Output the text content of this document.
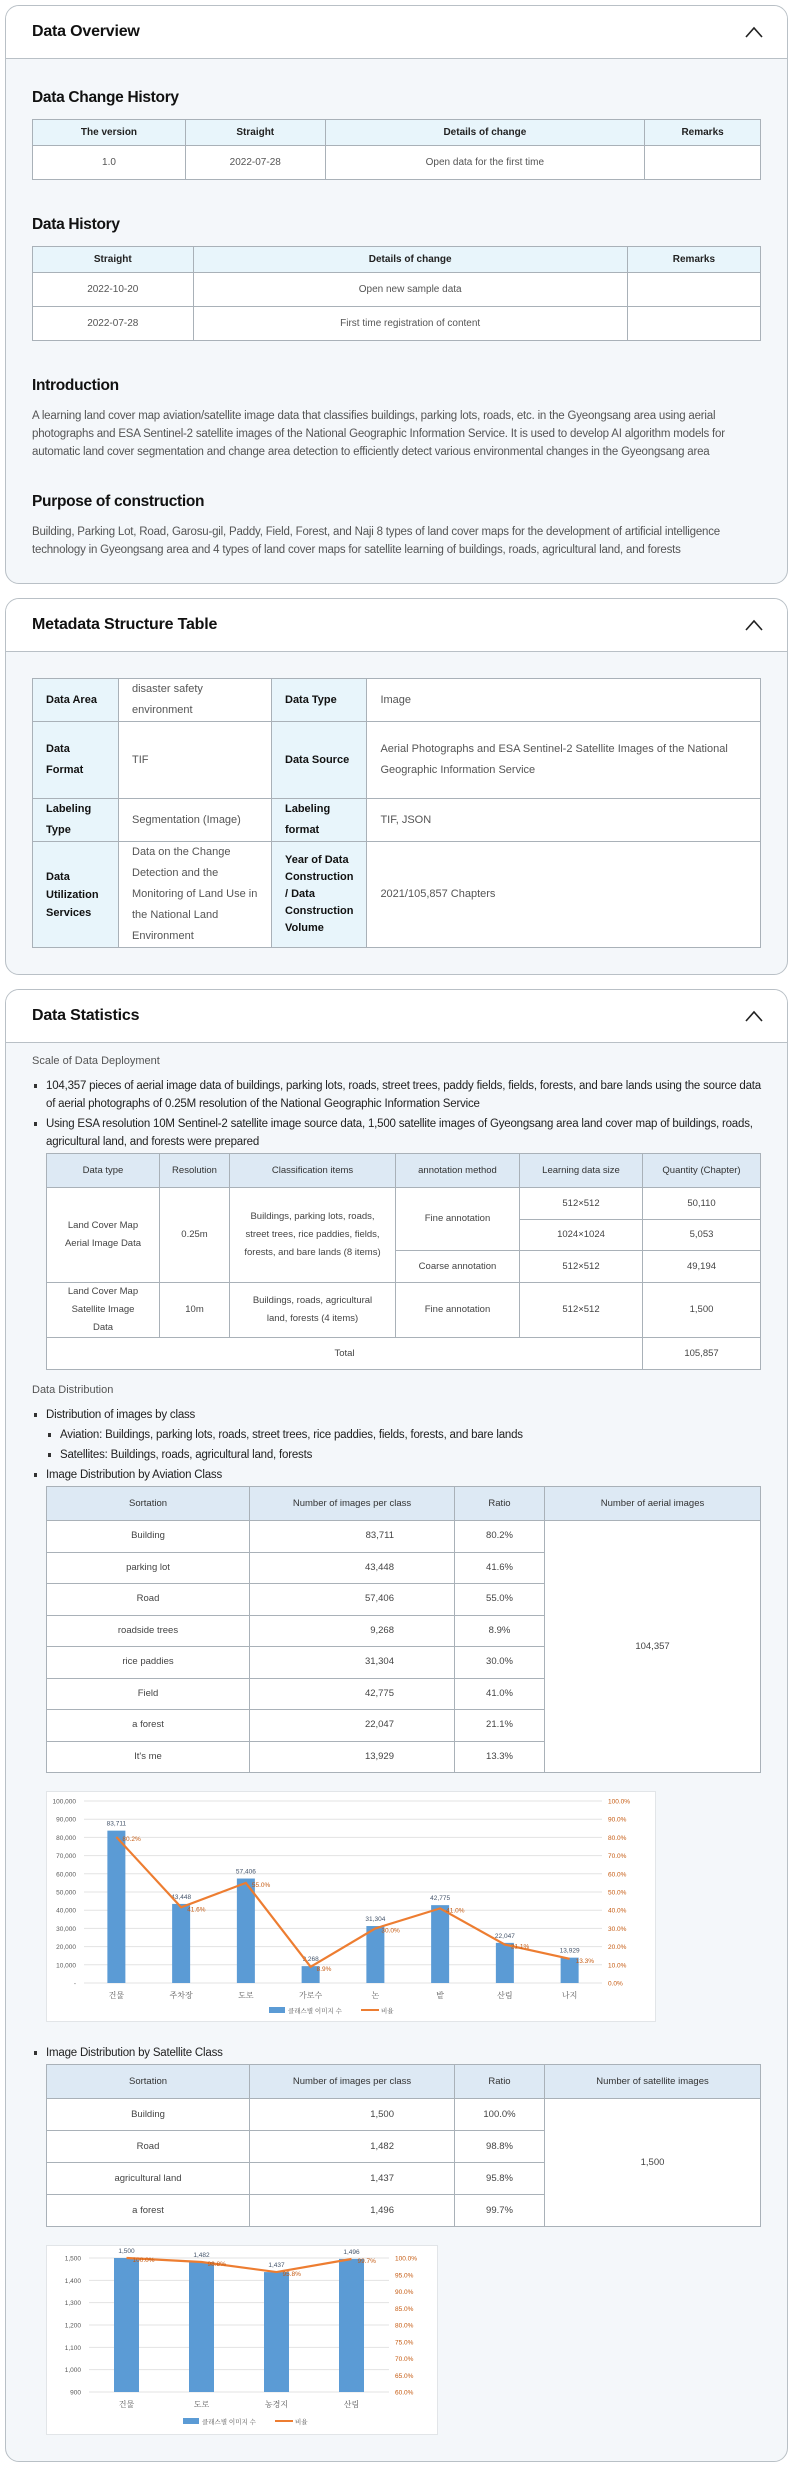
Data Overview
Data Change History
The version	Straight	Details of change	Remarks
1.0	2022-07-28	Open data for the first time	
Data History
Straight	Details of change	Remarks
2022-10-20	Open new sample data	
2022-07-28	First time registration of content	
Introduction

A learning land cover map aviation/satellite image data that classifies buildings, parking lots, roads, etc. in the Gyeongsang area using aerial photographs and ESA Sentinel-2 satellite images of the National Geographic Information Service. It is used to develop AI algorithm models for automatic land cover segmentation and change area detection to efficiently detect various environmental changes in the Gyeongsang area

Purpose of construction

Building, Parking Lot, Road, Garosu-gil, Paddy, Field, Forest, and Naji 8 types of land cover maps for the development of artificial intelligence technology in Gyeongsang area and 4 types of land cover maps for satellite learning of buildings, roads, agricultural land, and forests

Metadata Structure Table
Data Area	disaster safety environment	Data Type	Image
Data Format	TIF	Data Source	Aerial Photographs and ESA Sentinel-2 Satellite Images of the National Geographic Information Service
Labeling Type	Segmentation (Image)	Labeling format	TIF, JSON
Data Utilization Services	Data on the Change Detection and the Monitoring of Land Use in the National Land Environment	Year of Data Construction / Data Construction Volume	2021/105,857 Chapters
Data Statistics
Scale of Data Deployment
104,357 pieces of aerial image data of buildings, parking lots, roads, street trees, paddy fields, fields, forests, and bare lands using the source data of aerial photographs of 0.25M resolution of the National Geographic Information Service
Using ESA resolution 10M Sentinel-2 satellite image source data, 1,500 satellite images of Gyeongsang area land cover map of buildings, roads, agricultural land, and forests were prepared
Data type	Resolution	Classification items	annotation method	Learning data size	Quantity (Chapter)
Land Cover Map Aerial Image Data	0.25m	Buildings, parking lots, roads, street trees, rice paddies, fields, forests, and bare lands (8 items)	Fine annotation	512×512	50,110
				1024×1024	5,053
			Coarse annotation	512×512	49,194
Land Cover Map Satellite Image Data	10m	Buildings, roads, agricultural land, forests (4 items)	Fine annotation	512×512	1,500
Total					105,857
Data Distribution
Distribution of images by class
Aviation: Buildings, parking lots, roads, street trees, rice paddies, fields, forests, and bare lands
Satellites: Buildings, roads, agricultural land, forests
Image Distribution by Aviation Class
Sortation	Number of images per class	Ratio	Number of aerial images
Building	83,711	80.2%	104,357
parking lot	43,448	41.6%	
Road	57,406	55.0%	
roadside trees	9,268	8.9%	
rice paddies	31,304	30.0%	
Field	42,775	41.0%	
a forest	22,047	21.1%	
It's me	13,929	13.3%	
-
10,000
20,000
30,000
40,000
50,000
60,000
70,000
80,000
90,000
100,000
0.0%
10.0%
20.0%
30.0%
40.0%
50.0%
60.0%
70.0%
80.0%
90.0%
100.0%
83,711
건물
43,448
주차장
57,406
도로
9,268
가로수
31,304
논
42,775
밭
22,047
산림
13,929
나지
80.2%
41.6%
55.0%
8.9%
30.0%
41.0%
21.1%
13.3%
클래스별 이미지 수	비율
Image Distribution by Satellite Class
Sortation	Number of images per class	Ratio	Number of satellite images
Building	1,500	100.0%	1,500
Road	1,482	98.8%	
agricultural land	1,437	95.8%	
a forest	1,496	99.7%	
900
1,000
1,100
1,200
1,300
1,400
1,500
60.0%
65.0%
70.0%
75.0%
80.0%
85.0%
90.0%
95.0%
100.0%
1,500
건물
1,482
도로
1,437
농경지
1,496
산림
100.0%
98.8%
95.8%
99.7%
클래스별 이미지 수	비율
